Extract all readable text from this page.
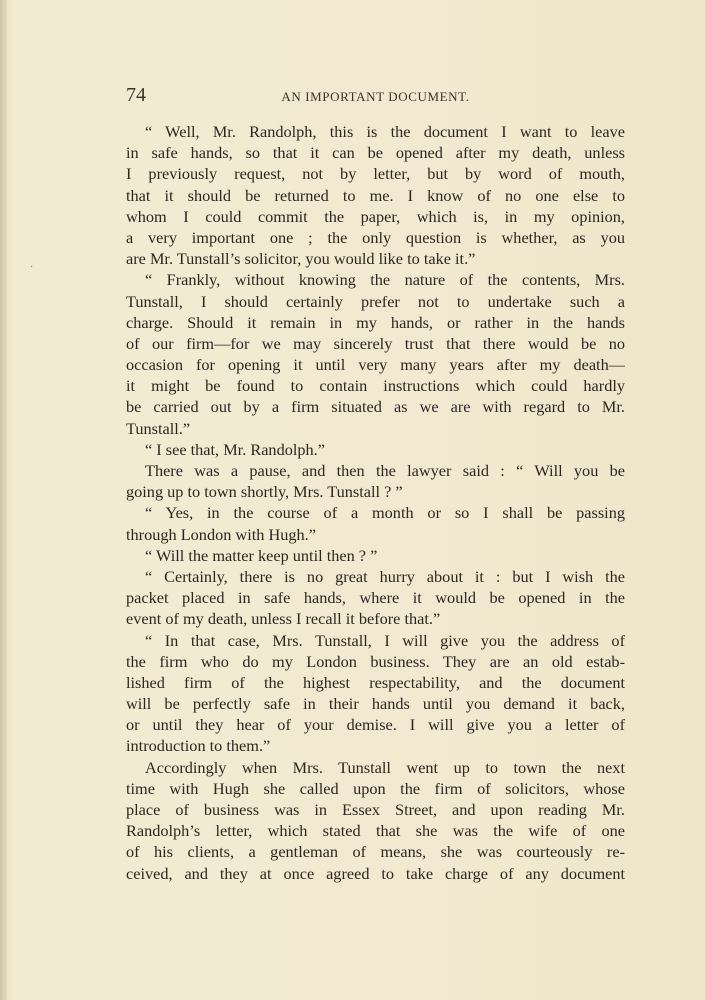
74	AN IMPORTANT DOCUMENT.
·
“ Well, Mr. Randolph, this is the document I want to leave
in safe hands, so that it can be opened after my death, unless
I previously request, not by letter, but by word of mouth,
that it should be returned to me. I know of no one else to
whom I could commit the paper, which is, in my opinion,
a very important one ; the only question is whether, as you
are Mr. Tunstall’s solicitor, you would like to take it.”
“ Frankly, without knowing the nature of the contents, Mrs.
Tunstall, I should certainly prefer not to undertake such a
charge. Should it remain in my hands, or rather in the hands
of our firm—for we may sincerely trust that there would be no
occasion for opening it until very many years after my death—
it might be found to contain instructions which could hardly
be carried out by a firm situated as we are with regard to Mr.
Tunstall.”
“ I see that, Mr. Randolph.”
There was a pause, and then the lawyer said : “ Will you be
going up to town shortly, Mrs. Tunstall ? ”
“ Yes, in the course of a month or so I shall be passing
through London with Hugh.”
“ Will the matter keep until then ? ”
“ Certainly, there is no great hurry about it : but I wish the
packet placed in safe hands, where it would be opened in the
event of my death, unless I recall it before that.”
“ In that case, Mrs. Tunstall, I will give you the address of
the firm who do my London business. They are an old estab-
lished firm of the highest respectability, and the document
will be perfectly safe in their hands until you demand it back,
or until they hear of your demise. I will give you a letter of
introduction to them.”
Accordingly when Mrs. Tunstall went up to town the next
time with Hugh she called upon the firm of solicitors, whose
place of business was in Essex Street, and upon reading Mr.
Randolph’s letter, which stated that she was the wife of one
of his clients, a gentleman of means, she was courteously re-
ceived, and they at once agreed to take charge of any document
